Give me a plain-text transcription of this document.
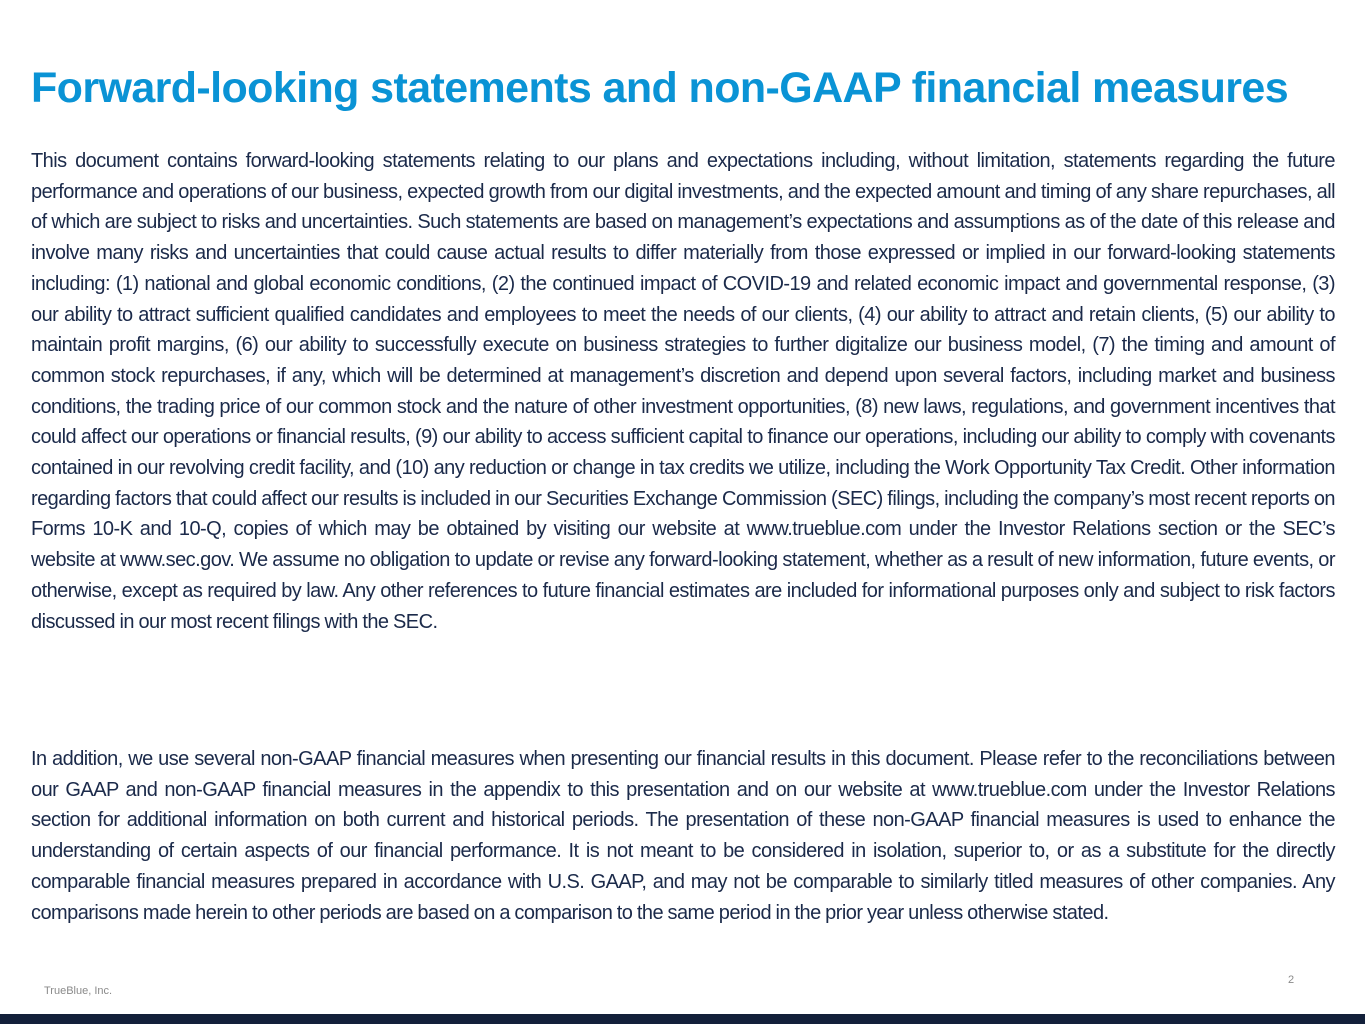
Forward-looking statements and non-GAAP financial measures

This document contains forward-looking statements relating to our plans and expectations including, without limitation, statements regarding the future performance and operations of our business, expected growth from our digital investments, and the expected amount and timing of any share repurchases, all of which are subject to risks and uncertainties. Such statements are based on management’s expectations and assumptions as of the date of this release and involve many risks and uncertainties that could cause actual results to differ materially from those expressed or implied in our forward-looking statements including: (1) national and global economic conditions, (2) the continued impact of COVID-19 and related economic impact and governmental response, (3) our ability to attract sufficient qualified candidates and employees to meet the needs of our clients, (4) our ability to attract and retain clients, (5) our ability to maintain profit margins, (6) our ability to successfully execute on business strategies to further digitalize our business model, (7) the timing and amount of common stock repurchases, if any, which will be determined at management’s discretion and depend upon several factors, including market and business conditions, the trading price of our common stock and the nature of other investment opportunities, (8) new laws, regulations, and government incentives that could affect our operations or financial results, (9) our ability to access sufficient capital to finance our operations, including our ability to comply with covenants contained in our revolving credit facility, and (10) any reduction or change in tax credits we utilize, including the Work Opportunity Tax Credit. Other information regarding factors that could affect our results is included in our Securities Exchange Commission (SEC) filings, including the company’s most recent reports on Forms 10-K and 10-Q, copies of which may be obtained by visiting our website at www.trueblue.com under the Investor Relations section or the SEC’s website at www.sec.gov. We assume no obligation to update or revise any forward-looking statement, whether as a result of new information, future events, or otherwise, except as required by law. Any other references to future financial estimates are included for informational purposes only and subject to risk factors discussed in our most recent filings with the SEC.

In addition, we use several non-GAAP financial measures when presenting our financial results in this document. Please refer to the reconciliations between our GAAP and non-GAAP financial measures in the appendix to this presentation and on our website at www.trueblue.com under the Investor Relations section for additional information on both current and historical periods. The presentation of these non-GAAP financial measures is used to enhance the understanding of certain aspects of our financial performance. It is not meant to be considered in isolation, superior to, or as a substitute for the directly comparable financial measures prepared in accordance with U.S. GAAP, and may not be comparable to similarly titled measures of other companies. Any comparisons made herein to other periods are based on a comparison to the same period in the prior year unless otherwise stated.

2
TrueBlue, Inc.
